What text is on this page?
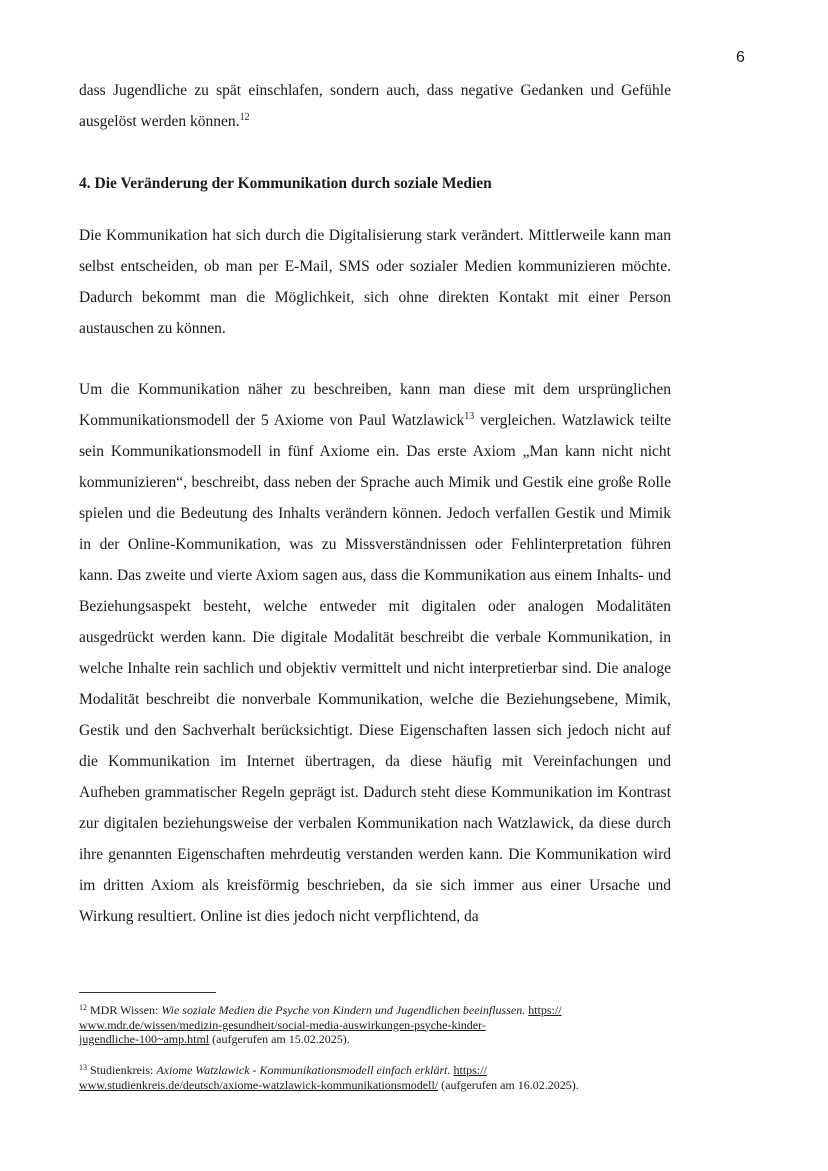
6

dass Jugendliche zu spät einschlafen, sondern auch, dass negative Gedanken und Gefühle ausgelöst werden können.$^{12}$

4. Die Veränderung der Kommunikation durch soziale Medien

Die Kommunikation hat sich durch die Digitalisierung stark verändert. Mittlerweile kann man selbst entscheiden, ob man per E-Mail, SMS oder sozialer Medien kommunizieren möchte. Dadurch bekommt man die Möglichkeit, sich ohne direkten Kontakt mit einer Person austauschen zu können.

Um die Kommunikation näher zu beschreiben, kann man diese mit dem ursprünglichen Kommunikationsmodell der 5 Axiome von Paul Watzlawick$^{13}$ vergleichen. Watzlawick teilte sein Kommunikationsmodell in fünf Axiome ein. Das erste Axiom „Man kann nicht nicht kommunizieren“, beschreibt, dass neben der Sprache auch Mimik und Gestik eine große Rolle spielen und die Bedeutung des Inhalts verändern können. Jedoch verfallen Gestik und Mimik in der Online-Kommunikation, was zu Missverständnissen oder Fehlinterpretation führen kann. Das zweite und vierte Axiom sagen aus, dass die Kommunikation aus einem Inhalts- und Beziehungsaspekt besteht, welche entweder mit digitalen oder analogen Modalitäten ausgedrückt werden kann. Die digitale Modalität beschreibt die verbale Kommunikation, in welche Inhalte rein sachlich und objektiv vermittelt und nicht interpretierbar sind. Die analoge Modalität beschreibt die nonverbale Kommunikation, welche die Beziehungsebene, Mimik, Gestik und den Sachverhalt berücksichtigt. Diese Eigenschaften lassen sich jedoch nicht auf die Kommunikation im Internet übertragen, da diese häufig mit Vereinfachungen und Aufheben grammatischer Regeln geprägt ist. Dadurch steht diese Kommunikation im Kontrast zur digitalen beziehungsweise der verbalen Kommunikation nach Watzlawick, da diese durch ihre genannten Eigenschaften mehrdeutig verstanden werden kann. Die Kommunikation wird im dritten Axiom als kreisförmig beschrieben, da sie sich immer aus einer Ursache und Wirkung resultiert. Online ist dies jedoch nicht verpflichtend, da

$^{12}$ MDR Wissen: Wie soziale Medien die Psyche von Kindern und Jugendlichen beeinflussen. https://
www.mdr.de/wissen/medizin-gesundheit/social-media-auswirkungen-psyche-kinder-
jugendliche-100~amp.html (aufgerufen am 15.02.2025).
$^{13}$ Studienkreis: Axiome Watzlawick - Kommunikationsmodell einfach erklärt. https://
www.studienkreis.de/deutsch/axiome-watzlawick-kommunikationsmodell/ (aufgerufen am 16.02.2025).
